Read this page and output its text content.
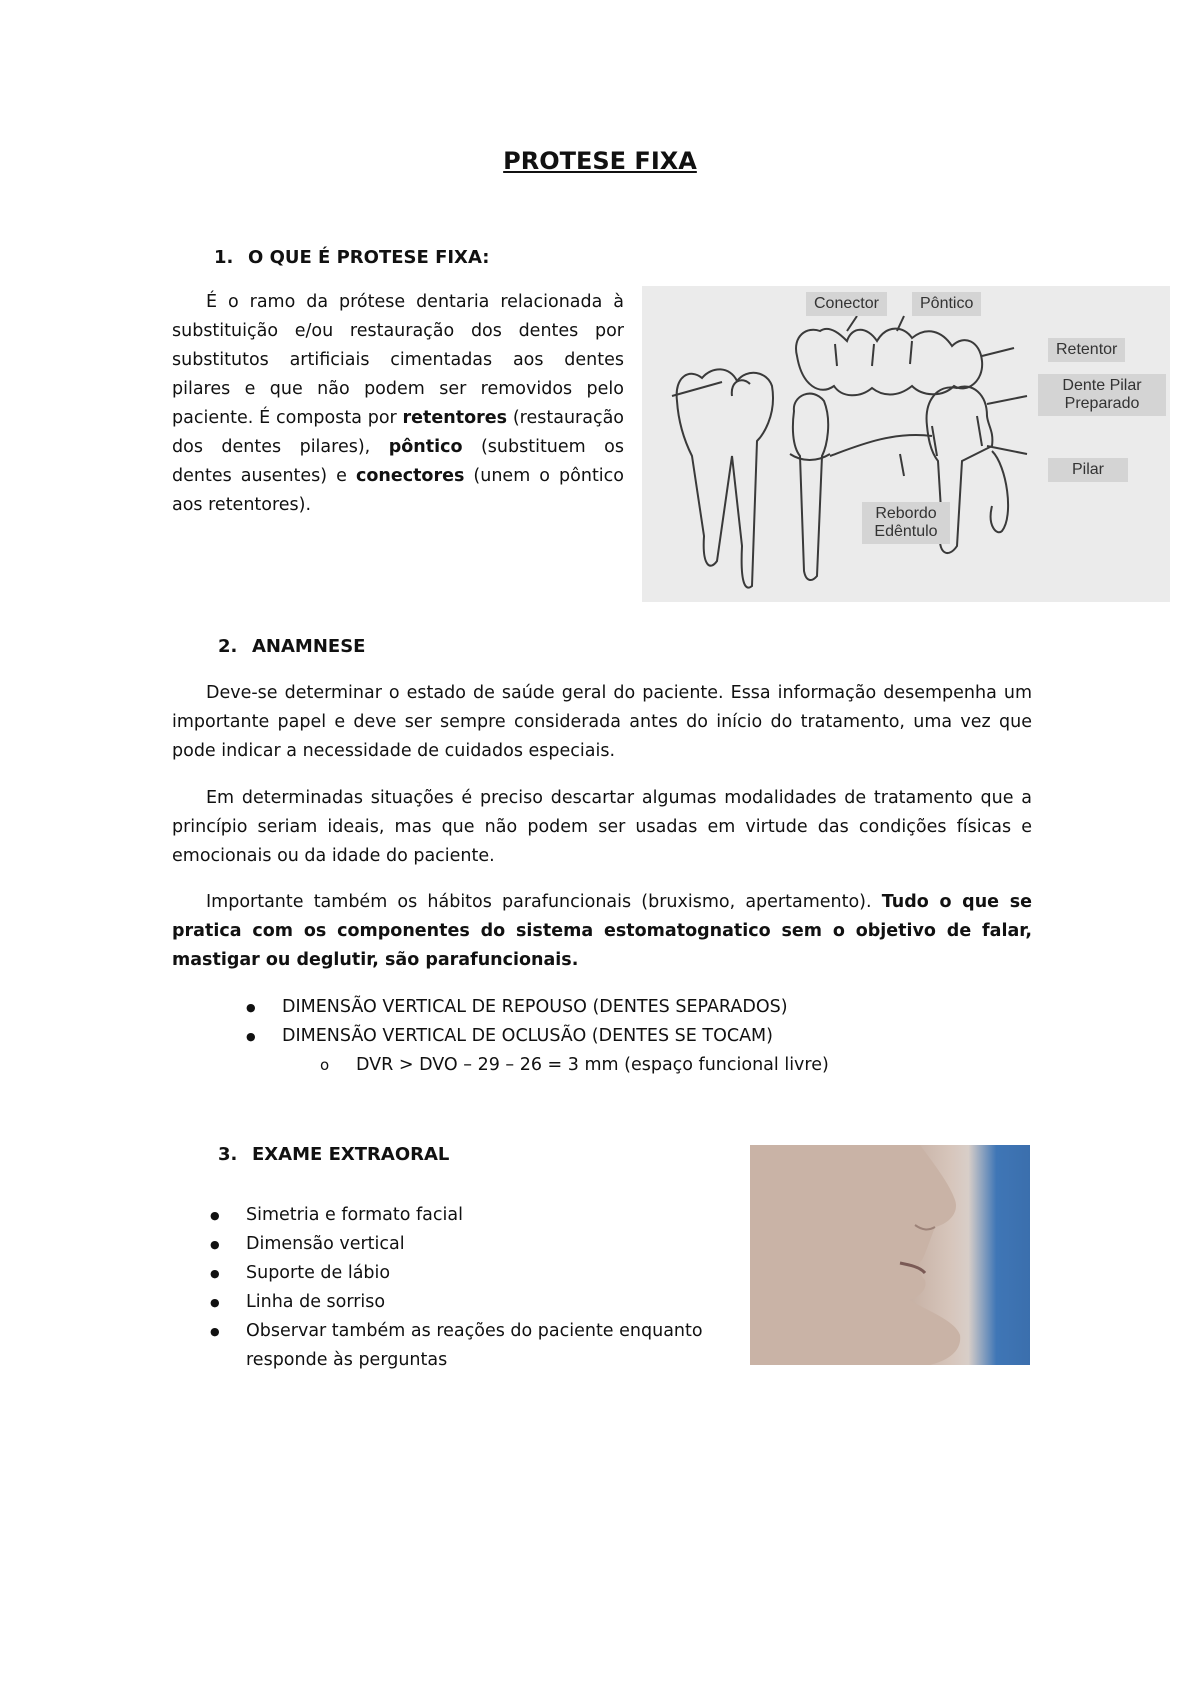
PROTESE FIXA
1. O QUE É PROTESE FIXA:
É o ramo da prótese dentaria relacionada à substituição e/ou restauração dos dentes por substitutos artificiais cimentadas aos dentes pilares e que não podem ser removidos pelo paciente. É composta por retentores (restauração dos dentes pilares), pôntico (substituem os dentes ausentes) e conectores (unem o pôntico aos retentores).
Conector	Pôntico
Retentor
Dente Pilar
Preparado
Pilar
Rebordo
Edêntulo
2. ANAMNESE
Deve-se determinar o estado de saúde geral do paciente. Essa informação desempenha um importante papel e deve ser sempre considerada antes do início do tratamento, uma vez que pode indicar a necessidade de cuidados especiais.
Em determinadas situações é preciso descartar algumas modalidades de tratamento que a princípio seriam ideais, mas que não podem ser usadas em virtude das condições físicas e emocionais ou da idade do paciente.
Importante também os hábitos parafuncionais (bruxismo, apertamento). Tudo o que se pratica com os componentes do sistema estomatognatico sem o objetivo de falar, mastigar ou deglutir, são parafuncionais.
● DIMENSÃO VERTICAL DE REPOUSO (DENTES SEPARADOS)
● DIMENSÃO VERTICAL DE OCLUSÃO (DENTES SE TOCAM)
o DVR > DVO – 29 – 26 = 3 mm (espaço funcional livre)
3. EXAME EXTRAORAL
● Simetria e formato facial
● Dimensão vertical
● Suporte de lábio
● Linha de sorriso
● Observar também as reações do paciente enquanto responde às perguntas
